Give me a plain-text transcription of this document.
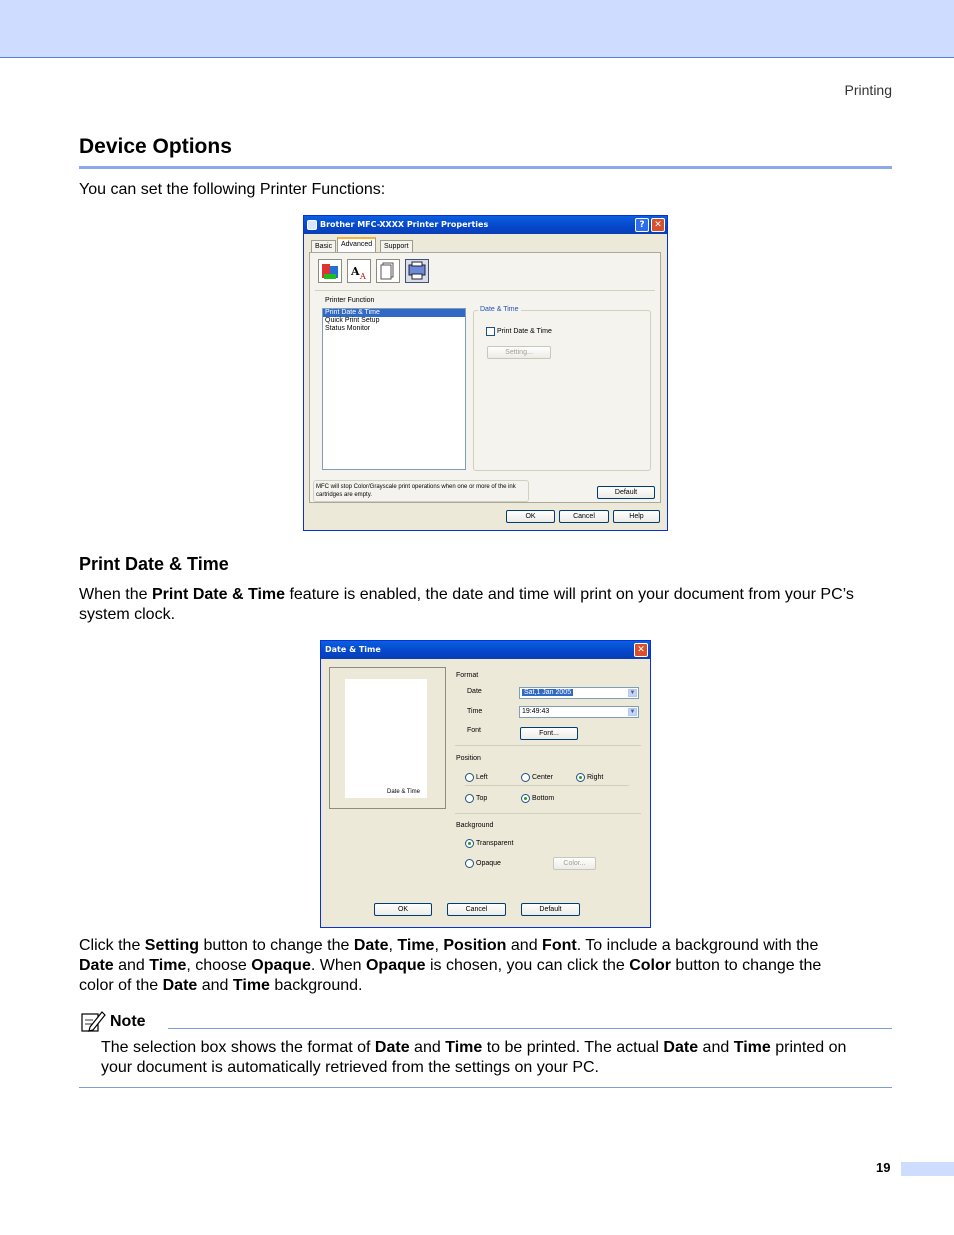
Printing
Device Options
You can set the following Printer Functions:
Brother MFC-XXXX Printer Properties	?	✕
Basic	Advanced	Support
A A
Printer Function
Print Date & Time
Quick Print Setup
Status Monitor
Date & Time
Print Date & Time
Setting...
MFC will stop Color/Grayscale print operations when one or more of the ink cartridges are empty.	Default
OK	Cancel	Help
Print Date & Time
When the Print Date & Time feature is enabled, the date and time will print on your document from your PC’s
system clock.
Date & Time	✕
Date & Time
Format
Date	Sat,1 Jan 2005	▼
Time	19:49:43	▼
Font	Font...
Position
Left	Center	Right
Top	Bottom
Background
Transparent
Opaque	Color...
OK	Cancel	Default
Click the Setting button to change the Date, Time, Position and Font. To include a background with the
Date and Time, choose Opaque. When Opaque is chosen, you can click the Color button to change the
color of the Date and Time background.
Note
The selection box shows the format of Date and Time to be printed. The actual Date and Time printed on
your document is automatically retrieved from the settings on your PC.
19
